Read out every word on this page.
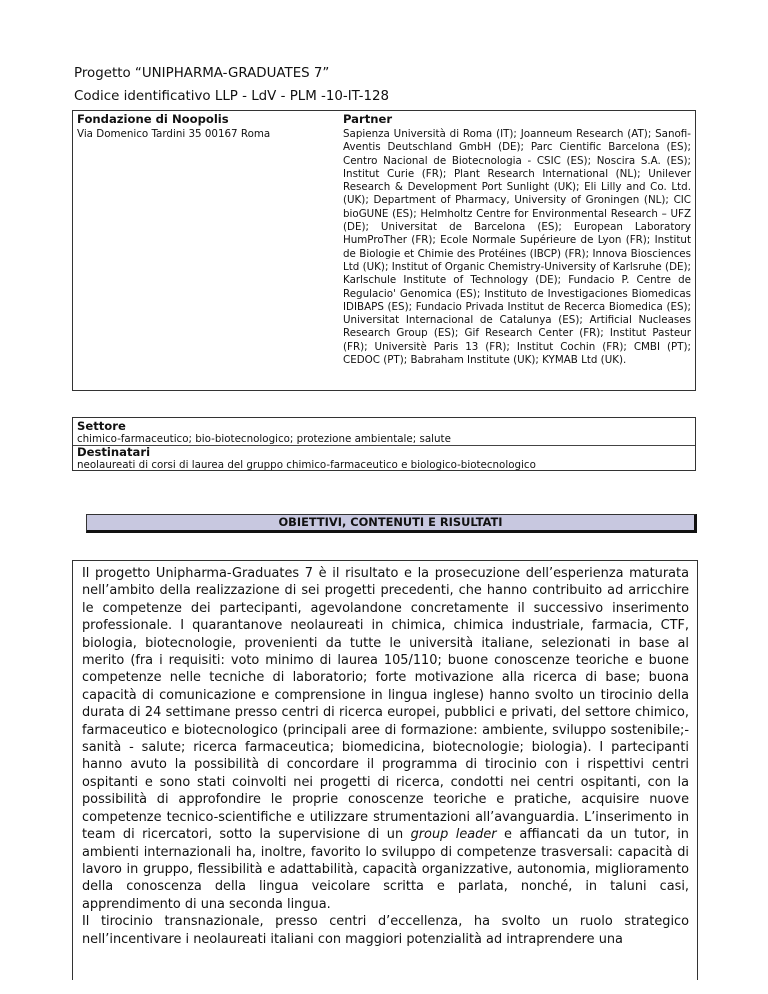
Progetto “UNIPHARMA-GRADUATES 7”
Codice identificativo LLP - LdV - PLM -10-IT-128
Fondazione di Noopolis	Partner
Via Domenico Tardini 35 00167 Roma	Sapienza Università di Roma (IT); Joanneum Research (AT); Sanofi-Aventis Deutschland GmbH (DE); Parc Cientific Barcelona (ES); Centro Nacional de Biotecnologia - CSIC (ES); Noscira S.A. (ES); Institut Curie (FR); Plant Research International (NL); Unilever Research & Development Port Sunlight (UK); Eli Lilly and Co. Ltd. (UK); Department of Pharmacy, University of Groningen (NL); CIC bioGUNE (ES); Helmholtz Centre for Environmental Research – UFZ (DE); Universitat de Barcelona (ES); European Laboratory HumProTher (FR); Ecole Normale Supérieure de Lyon (FR); Institut de Biologie et Chimie des Protéines (IBCP) (FR); Innova Biosciences Ltd (UK); Institut of Organic Chemistry-University of Karlsruhe (DE); Karlschule Institute of Technology (DE); Fundacio P. Centre de Regulacio' Genomica (ES); Instituto de Investigaciones Biomedicas IDIBAPS (ES); Fundacio Privada Institut de Recerca Biomedica (ES); Universitat Internacional de Catalunya (ES); Artificial Nucleases Research Group (ES); Gif Research Center (FR); Institut Pasteur (FR); Universitè Paris 13 (FR); Institut Cochin (FR); CMBI (PT); CEDOC (PT); Babraham Institute (UK); KYMAB Ltd (UK).
Settore
chimico-farmaceutico; bio-biotecnologico; protezione ambientale; salute
Destinatari
neolaureati di corsi di laurea del gruppo chimico-farmaceutico e biologico-biotecnologico
OBIETTIVI, CONTENUTI E RISULTATI

Il progetto Unipharma-Graduates 7 è il risultato e la prosecuzione dell’esperienza maturata nell’ambito della realizzazione di sei progetti precedenti, che hanno contribuito ad arricchire le competenze dei partecipanti, agevolandone concretamente il successivo inserimento professionale. I quarantanove neolaureati in chimica, chimica industriale, farmacia, CTF, biologia, biotecnologie, provenienti da tutte le università italiane, selezionati in base al merito (fra i requisiti: voto minimo di laurea 105/110; buone conoscenze teoriche e buone competenze nelle tecniche di laboratorio; forte motivazione alla ricerca di base; buona capacità di comunicazione e comprensione in lingua inglese) hanno svolto un tirocinio della durata di 24 settimane presso centri di ricerca europei, pubblici e privati, del settore chimico, farmaceutico e biotecnologico (principali aree di formazione: ambiente, sviluppo sostenibile;- sanità - salute; ricerca farmaceutica; biomedicina, biotecnologie; biologia). I partecipanti hanno avuto la possibilità di concordare il programma di tirocinio con i rispettivi centri ospitanti e sono stati coinvolti nei progetti di ricerca, condotti nei centri ospitanti, con la possibilità di approfondire le proprie conoscenze teoriche e pratiche, acquisire nuove competenze tecnico-scientifiche e utilizzare strumentazioni all’avanguardia. L’inserimento in team di ricercatori, sotto la supervisione di un group leader e affiancati da un tutor, in ambienti internazionali ha, inoltre, favorito lo sviluppo di competenze trasversali: capacità di lavoro in gruppo, flessibilità e adattabilità, capacità organizzative, autonomia, miglioramento della conoscenza della lingua veicolare scritta e parlata, nonché, in taluni casi, apprendimento di una seconda lingua.

Il tirocinio transnazionale, presso centri d’eccellenza, ha svolto un ruolo strategico nell’incentivare i neolaureati italiani con maggiori potenzialità ad intraprendere una
